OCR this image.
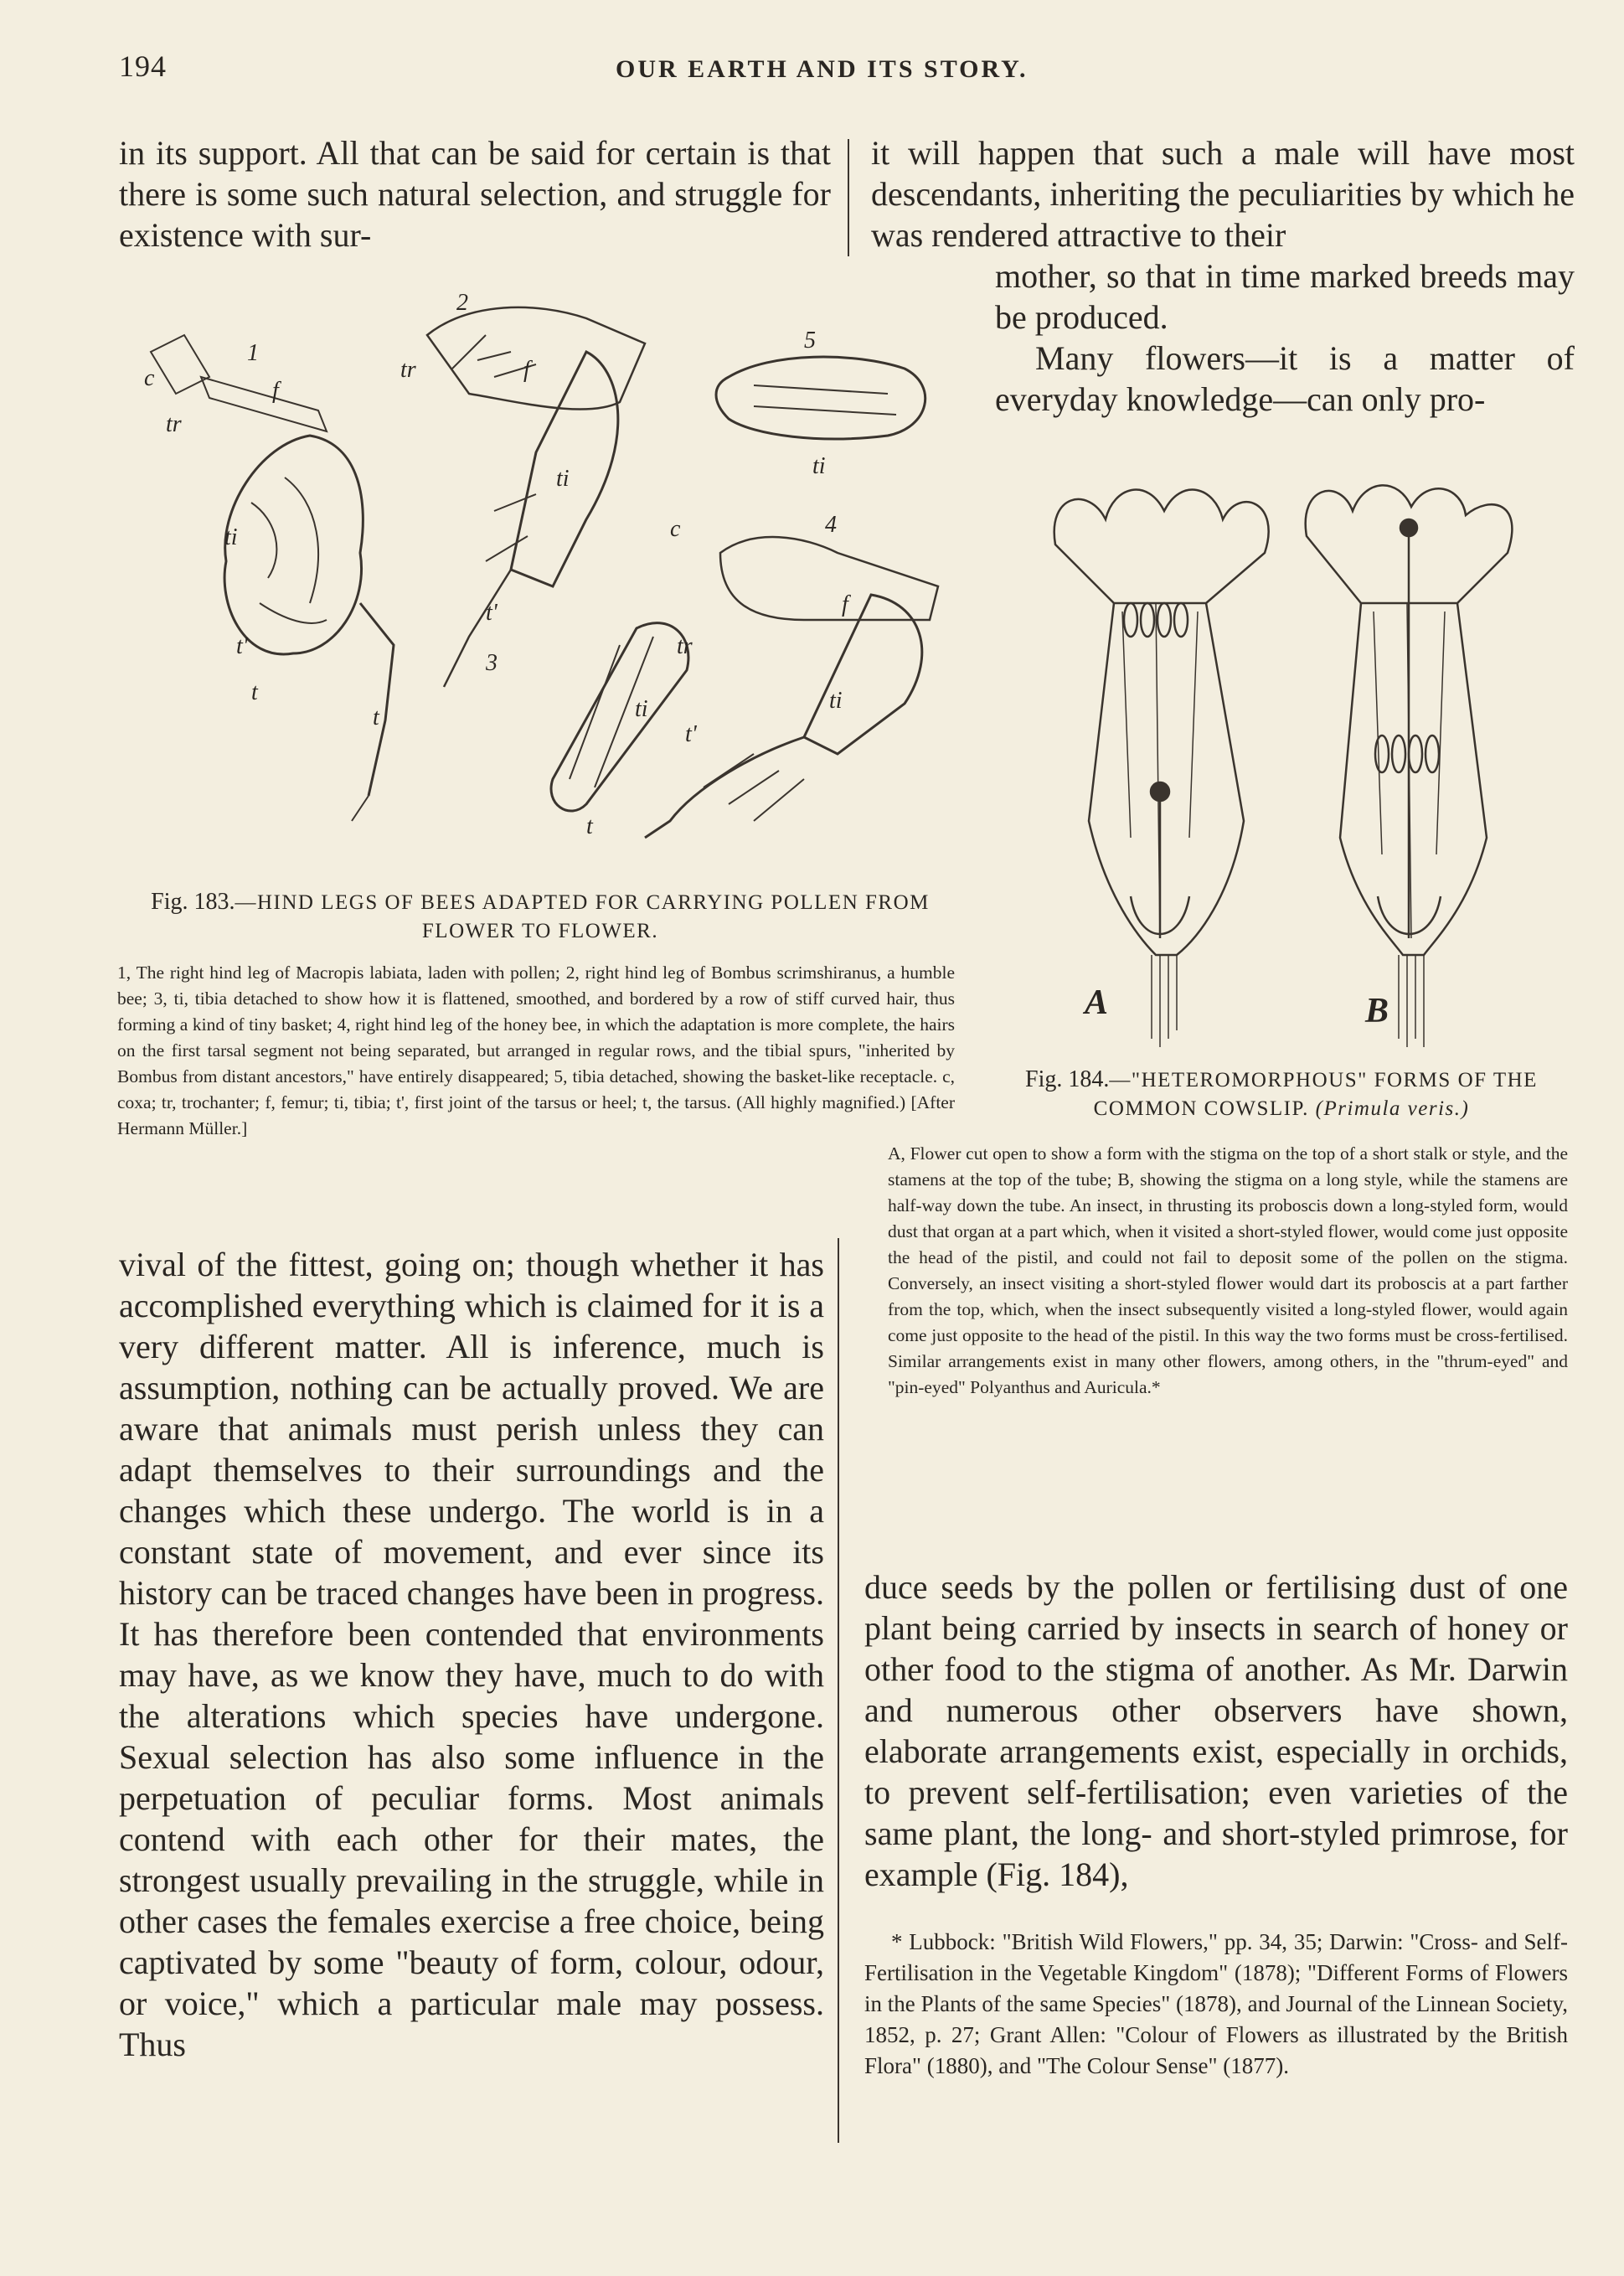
194	OUR EARTH AND ITS STORY.

in its support. All that can be said for certain is that there is some such natural selection, and struggle for existence with sur-

it will happen that such a male will have most descendants, inheriting the peculiarities by which he was rendered attractive to their

mother, so that in time marked breeds may be produced.

Many flowers—it is a matter of everyday knowledge—can only pro-

2
1
c	f
tr
tr	f
5
ti
ti
ti
c	4
f
tr
t'
t'
3
t
t	ti	ti
t'
t
Fig. 183.—HIND LEGS OF BEES ADAPTED FOR CARRYING POLLEN FROM FLOWER TO FLOWER.

1, The right hind leg of Macropis labiata, laden with pollen; 2, right hind leg of Bombus scrimshiranus, a humble bee; 3, ti, tibia detached to show how it is flattened, smoothed, and bordered by a row of stiff curved hair, thus forming a kind of tiny basket; 4, right hind leg of the honey bee, in which the adaptation is more complete, the hairs on the first tarsal segment not being separated, but arranged in regular rows, and the tibial spurs, "inherited by Bombus from distant ancestors," have entirely disappeared; 5, tibia detached, showing the basket-like receptacle. c, coxa; tr, trochanter; f, femur; ti, tibia; t', first joint of the tarsus or heel; t, the tarsus. (All highly magnified.) [After Hermann Müller.]

A	B
Fig. 184.—"HETEROMORPHOUS" FORMS OF THE COMMON COWSLIP. (Primula veris.)

A, Flower cut open to show a form with the stigma on the top of a short stalk or style, and the stamens at the top of the tube; B, showing the stigma on a long style, while the stamens are half-way down the tube. An insect, in thrusting its proboscis down a long-styled form, would dust that organ at a part which, when it visited a short-styled flower, would come just opposite the head of the pistil, and could not fail to deposit some of the pollen on the stigma. Conversely, an insect visiting a short-styled flower would dart its proboscis at a part farther from the top, which, when the insect subsequently visited a long-styled flower, would again come just opposite to the head of the pistil. In this way the two forms must be cross-fertilised. Similar arrangements exist in many other flowers, among others, in the "thrum-eyed" and "pin-eyed" Polyanthus and Auricula.*

vival of the fittest, going on; though whether it has accomplished everything which is claimed for it is a very different matter. All is inference, much is assumption, nothing can be actually proved. We are aware that animals must perish unless they can adapt themselves to their surroundings and the changes which these undergo. The world is in a constant state of movement, and ever since its history can be traced changes have been in progress. It has therefore been contended that environments may have, as we know they have, much to do with the alterations which species have undergone. Sexual selection has also some influence in the perpetuation of peculiar forms. Most animals contend with each other for their mates, the strongest usually prevailing in the struggle, while in other cases the females exercise a free choice, being captivated by some "beauty of form, colour, odour, or voice," which a particular male may possess. Thus

duce seeds by the pollen or fertilising dust of one plant being carried by insects in search of honey or other food to the stigma of another. As Mr. Darwin and numerous other observers have shown, elaborate arrangements exist, especially in orchids, to prevent self-fertilisation; even varieties of the same plant, the long- and short-styled primrose, for example (Fig. 184),

* Lubbock: "British Wild Flowers," pp. 34, 35; Darwin: "Cross- and Self-Fertilisation in the Vegetable Kingdom" (1878); "Different Forms of Flowers in the Plants of the same Species" (1878), and Journal of the Linnean Society, 1852, p. 27; Grant Allen: "Colour of Flowers as illustrated by the British Flora" (1880), and "The Colour Sense" (1877).
